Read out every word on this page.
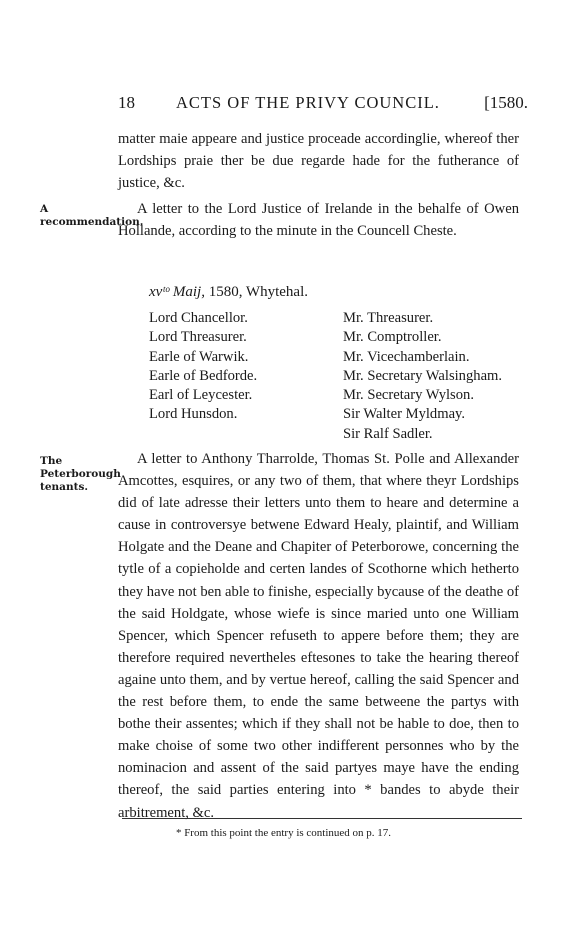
18 ACTS OF THE PRIVY COUNCIL.	[1580.

matter maie appeare and justice proceade accordinglie, whereof ther Lordships praie ther be due regarde hade for the futherance of justice, &c.

A recommendation.

A letter to the Lord Justice of Irelande in the behalfe of Owen Hollande, according to the minute in the Councell Cheste.

xvᵗᵒ Maij, 1580, Whytehal.
Lord Chancellor.
Lord Threasurer.
Earle of Warwik.
Earle of Bedforde.
Earl of Leycester.
Lord Hunsdon.
Mr. Threasurer.
Mr. Comptroller.
Mr. Vicechamberlain.
Mr. Secretary Walsingham.
Mr. Secretary Wylson.
Sir Walter Myldmay.
Sir Ralf Sadler.
The Peterborough tenants.

A letter to Anthony Tharrolde, Thomas St. Polle and Allexander Amcottes, esquires, or any two of them, that where theyr Lordships did of late adresse their letters unto them to heare and determine a cause in controversye betwene Edward Healy, plaintif, and William Holgate and the Deane and Chapiter of Peterborowe, concerning the tytle of a copieholde and certen landes of Scothorne which hetherto they have not ben able to finishe, especially bycause of the deathe of the said Holdgate, whose wiefe is since maried unto one William Spencer, which Spencer refuseth to appere before them; they are therefore required nevertheles eftesones to take the hearing thereof againe unto them, and by vertue hereof, calling the said Spencer and the rest before them, to ende the same betweene the partys with bothe their assentes; which if they shall not be hable to doe, then to make choise of some two other indifferent personnes who by the nominacion and assent of the said partyes maye have the ending thereof, the said parties entering into * bandes to abyde their arbitrement, &c.

* From this point the entry is continued on p. 17.
